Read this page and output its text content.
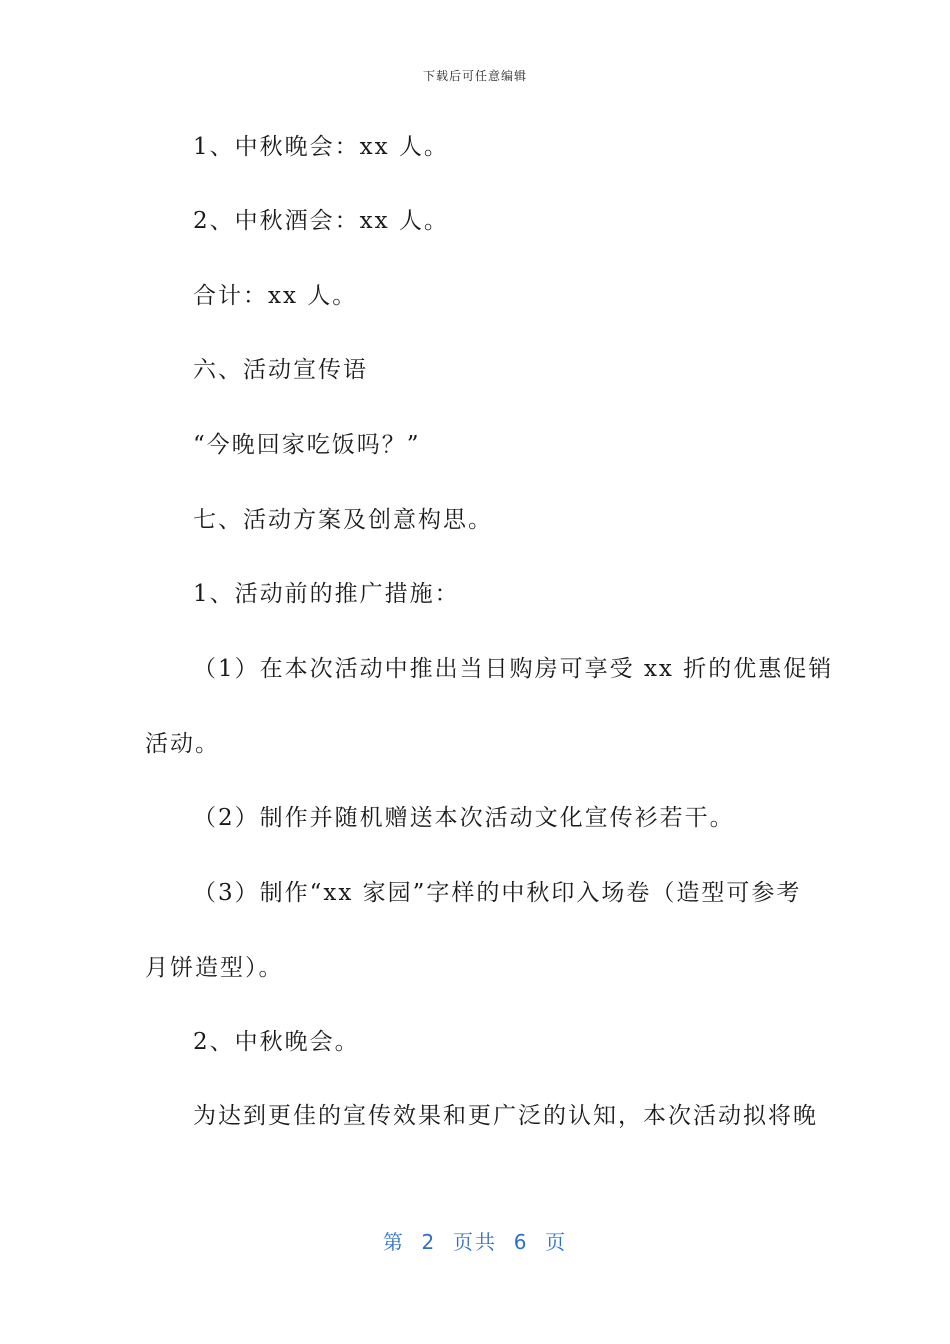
下载后可任意编辑
1、中秋晚会：xx 人。
2、中秋酒会：xx 人。
合计：xx 人。
六、活动宣传语
“今晚回家吃饭吗？”
七、活动方案及创意构思。
1、活动前的推广措施：
（1）在本次活动中推出当日购房可享受 xx 折的优惠促销
活动。
（2）制作并随机赠送本次活动文化宣传衫若干。
（3）制作“xx 家园”字样的中秋印入场卷（造型可参考
月饼造型）。
2、中秋晚会。
为达到更佳的宣传效果和更广泛的认知，本次活动拟将晚
第  2  页共  6  页
